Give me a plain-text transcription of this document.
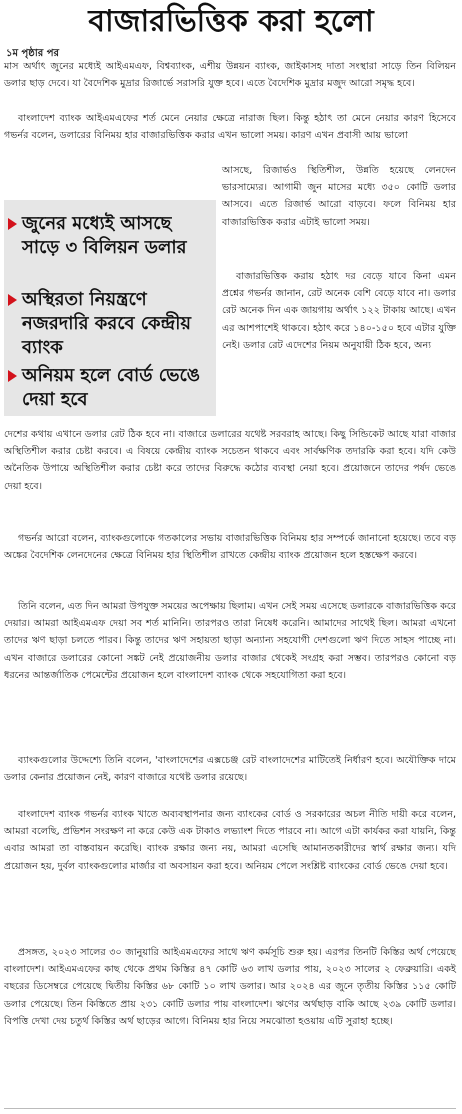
বাজারভিত্তিক করা হলো
১ম পৃষ্ঠার পর

মাস অর্থাৎ জুনের মধ্যেই আইএমএফ, বিশ্বব্যাংক, এশীয় উন্নয়ন ব্যাংক, জাইকাসহ দাতা সংস্থারা সাড়ে তিন বিলিয়ন ডলার ছাড় দেবে। যা বৈদেশিক মুদ্রার রিজার্ভে সরাসরি যুক্ত হবে। এতে বৈদেশিক মুদ্রার মজুদ আরো সমৃদ্ধ হবে।

বাংলাদেশ ব্যাংক আইএমএফের শর্ত মেনে নেয়ার ক্ষেত্রে নারাজ ছিল। কিন্তু হঠাৎ তা মেনে নেয়ার কারণ হিসেবে গভর্নর বলেন, ডলারের বিনিময় হার বাজারভিত্তিক করার এখন ভালো সময়। কারণ এখন প্রবাসী আয় ভালো

জুনের মধ্যেই আসছে সাড়ে ৩ বিলিয়ন ডলার
অস্থিরতা নিয়ন্ত্রণে নজরদারি করবে কেন্দ্রীয় ব্যাংক
অনিয়ম হলে বোর্ড ভেঙে দেয়া হবে

আসছে, রিজার্ভও স্থিতিশীল, উন্নতি হয়েছে লেনদেন ভারসাম্যের। আগামী জুন মাসের মধ্যে ৩৫০ কোটি ডলার আসবে। এতে রিজার্ভ আরো বাড়বে। ফলে বিনিময় হার বাজারভিত্তিক করার এটাই ভালো সময়।

বাজারভিত্তিক করায় হঠাৎ দর বেড়ে যাবে কিনা এমন প্রশ্নের গভর্নর জানান, রেট অনেক বেশি বেড়ে যাবে না। ডলার রেট অনেক দিন এক জায়গায় অর্থাৎ ১২২ টাকায় আছে। এখন এর আশপাশেই থাকবে। হঠাৎ করে ১৪০-১৫০ হবে এটার যুক্তি নেই। ডলার রেট এদেশের নিয়ম অনুযায়ী ঠিক হবে, অন্য

দেশের কথায় এখানে ডলার রেট ঠিক হবে না। বাজারে ডলারের যথেষ্ট সরবরাহ আছে। কিছু সিন্ডিকেট আছে যারা বাজার অস্থিতিশীল করার চেষ্টা করবে। এ বিষয়ে কেন্দ্রীয় ব্যাংক সচেতন থাকবে এবং সার্বক্ষণিক তদারকি করা হবে। যদি কেউ অনৈতিক উপায়ে অস্থিতিশীল করার চেষ্টা করে তাদের বিরুদ্ধে কঠোর ব্যবস্থা নেয়া হবে। প্রয়োজনে তাদের পর্ষদ ভেঙে দেয়া হবে।

গভর্নর আরো বলেন, ব্যাংকগুলোকে গতকালের সভায় বাজারভিত্তিক বিনিময় হার সম্পর্কে জানানো হয়েছে। তবে বড় অঙ্কের বৈদেশিক লেনদেনের ক্ষেত্রে বিনিময় হার স্থিতিশীল রাখতে কেন্দ্রীয় ব্যাংক প্রয়োজন হলে হস্তক্ষেপ করবে।

তিনি বলেন, এত দিন আমরা উপযুক্ত সময়ের অপেক্ষায় ছিলাম। এখন সেই সময় এসেছে ডলারকে বাজারভিত্তিক করে দেয়ার। আমরা আইএমএফ দেয়া সব শর্ত মানিনি। তারপরও তারা নিষেধ করেনি। আমাদের সাথেই ছিল। আমরা এখনো তাদের ঋণ ছাড়া চলতে পারব। কিন্তু তাদের ঋণ সহায়তা ছাড়া অন্যান্য সহযোগী দেশগুলো ঋণ দিতে সাহস পাচ্ছে না। এখন বাজারে ডলারের কোনো সঙ্কট নেই প্রয়োজনীয় ডলার বাজার থেকেই সংগ্রহ করা সম্ভব। তারপরও কোনো বড় ধরনের আন্তর্জাতিক পেমেন্টের প্রয়োজন হলে বাংলাদেশ ব্যাংক থেকে সহযোগিতা করা হবে।

ব্যাংকগুলোর উদ্দেশ্যে তিনি বলেন, 'বাংলাদেশের এক্সচেঞ্জ রেট বাংলাদেশের মাটিতেই নির্ধারণ হবে। অযৌক্তিক দামে ডলার কেনার প্রয়োজন নেই, কারণ বাজারে যথেষ্ট ডলার রয়েছে।

বাংলাদেশ ব্যাংক গভর্নর ব্যাংক খাতে অব্যবস্থাপনার জন্য ব্যাংকের বোর্ড ও সরকারের অচল নীতি দায়ী করে বলেন, আমরা বলেছি, প্রভিশন সংরক্ষণ না করে কেউ এক টাকাও লভ্যাংশ দিতে পারবে না। আগে এটা কার্যকর করা যায়নি, কিন্তু এবার আমরা তা বাস্তবায়ন করেছি। ব্যাংক রক্ষার জন্য নয়, আমরা এসেছি আমানতকারীদের স্বার্থ রক্ষার জন্য। যদি প্রয়োজন হয়, দুর্বল ব্যাংকগুলোর মার্জার বা অবসায়ন করা হবে। অনিয়ম পেলে সংশ্লিষ্ট ব্যাংকের বোর্ড ভেঙে দেয়া হবে।

প্রসঙ্গত, ২০২৩ সালের ৩০ জানুয়ারি আইএমএফের সাথে ঋণ কর্মসূচি শুরু হয়। এরপর তিনটি কিস্তির অর্থ পেয়েছে বাংলাদেশ। আইএমএফের কাছ থেকে প্রথম কিস্তির ৪৭ কোটি ৬৩ লাখ ডলার পায়, ২০২৩ সালের ২ ফেব্রুয়ারি। একই বছরের ডিসেম্বরে পেয়েছে দ্বিতীয় কিস্তির ৬৮ কোটি ১০ লাখ ডলার। আর ২০২৪ এর জুনে তৃতীয় কিস্তির ১১৫ কোটি ডলার পেয়েছে। তিন কিস্তিতে প্রায় ২৩১ কোটি ডলার পায় বাংলাদেশ। ঋণের অর্থছাড় বাকি আছে ২৩৯ কোটি ডলার। বিপত্তি দেখা দেয় চতুর্থ কিস্তির অর্থ ছাড়ের আগে। বিনিময় হার নিয়ে সমঝোতা হওয়ায় এটি সুরাহা হচ্ছে।
